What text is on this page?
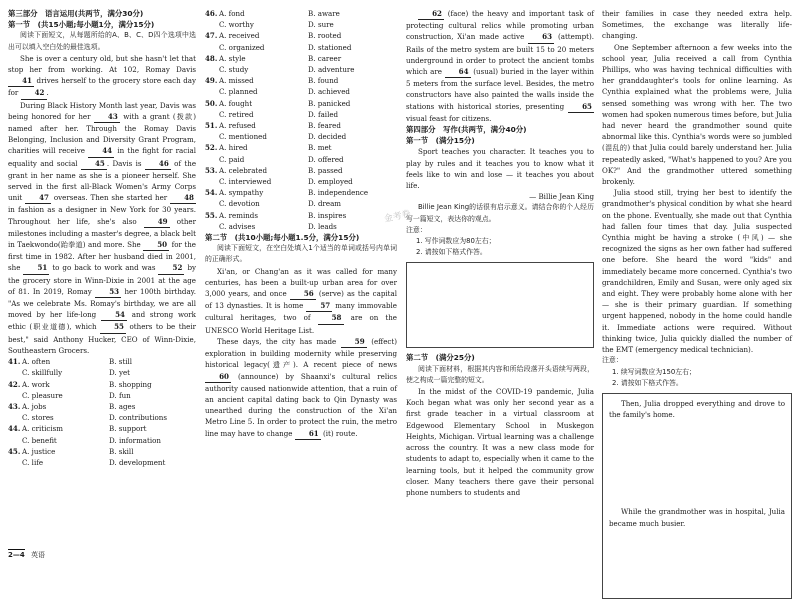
第三部分　语言运用(共两节，满分30分)
第一节　(共15小题;每小题1分，满分15分)

阅读下面短文，从每题所给的A、B、C、D四个选项中选出可以填入空白处的最佳选项。

She is over a century old, but she hasn't let that stop her from working. At 102, Romay Davis 41 drives herself to the grocery store each day for 42 .

During Black History Month last year, Davis was being honored for her 43 with a grant (拨款) named after her. Through the Romay Davis Belonging, Inclusion and Diversity Grant Program, charities will receive 44 in the fight for racial equality and social 45 . Davis is 46 of the grant in her name as she is a pioneer herself. She served in the first all-Black Women's Army Corps unit 47 overseas. Then she started her 48 in fashion as a designer in New York for 30 years. Throughout her life, she's also 49 other milestones including a master's degree, a black belt in Taekwondo(跆拳道) and more. She 50 for the first time in 1982. After her husband died in 2001, she 51 to go back to work and was 52 by the grocery store in Winn-Dixie in 2001 at the age of 81. In 2019, Romay 53 her 100th birthday. "As we celebrate Ms. Romay's birthday, we are all moved by her life-long 54 and strong work ethic (职业道德), which 55 others to be their best," said Anthony Hucker, CEO of Winn-Dixie, Southeastern Grocers.

41. A. often	B. still
C. skillfully	D. yet
42. A. work	B. shopping
C. pleasure	D. fun
43. A. jobs	B. ages
C. stores	D. contributions
44. A. criticism	B. support
C. benefit	D. information
45. A. justice	B. skill
C. life	D. development
46. A. fond	B. aware
C. worthy	D. sure
47. A. received	B. rooted
C. organized	D. stationed
48. A. style	B. career
C. study	D. adventure
49. A. missed	B. found
C. planned	D. achieved
50. A. fought	B. panicked
C. retired	D. failed
51. A. refused	B. feared
C. mentioned	D. decided
52. A. hired	B. met
C. paid	D. offered
53. A. celebrated	B. passed
C. interviewed	D. employed
54. A. sympathy	B. independence
C. devotion	D. dream
55. A. reminds	B. inspires
C. advises	D. leads
第二节　(共10小题;每小题1.5分，满分15分)

阅读下面短文，在空白处填入1个适当的单词或括号内单词的正确形式。

Xi'an, or Chang'an as it was called for many centuries, has been a built-up urban area for over 3,000 years, and once 56 (serve) as the capital of 13 dynasties. It is home 57 many immovable cultural heritages, two of 58 are on the UNESCO World Heritage List.

These days, the city has made 59 (effect) exploration in building modernity while preserving historical legacy(遗产). A recent piece of news 60 (announce) by Shaanxi's cultural relics authority caused nationwide attention, that a ruin of an ancient capital dating back to Qin Dynasty was unearthed during the construction of the Xi'an Metro Line 5. In order to protect the ruin, the metro line may have to change 61 (it) route.

62 (face) the heavy and important task of protecting cultural relics while promoting urban construction, Xi'an made active 63 (attempt). Rails of the metro system are built 15 to 20 meters underground in order to protect the ancient tombs which are 64 (usual) buried in the layer within 5 meters from the surface level. Besides, the metro constructors have also painted the walls inside the stations with historical stories, presenting 65 visual feast for citizens.

第四部分　写作(共两节，满分40分)
第一节　(满分15分)

Sport teaches you character. It teaches you to play by rules and it teaches you to know what it feels like to win and lose — it teaches you about life.

— Billie Jean King

Billie Jean King的话很有启示意义。请结合你的个人经历写一篇短文，表达你的观点。

注意：
1. 写作词数应为80左右；
2. 请按如下格式作答。
第二节　(满分25分)

阅读下面材料，根据其内容和所给段落开头语续写两段，使之构成一篇完整的短文。

In the midst of the COVID-19 pandemic, Julia Koch began what was only her second year as a first grade teacher in a virtual classroom at Edgewood Elementary School in Muskegon Heights, Michigan. Virtual learning was a challenge across the country. It was a new class mode for students to adapt to, especially when it came to the learning tools, but it helped the community grow closer. Many teachers there gave their personal phone numbers to students and

金考卷

their families in case they needed extra help. Sometimes, the exchange was literally life-changing.

One September afternoon a few weeks into the school year, Julia received a call from Cynthia Phillips, who was having technical difficulties with her granddaughter's tools for online learning. As Cynthia explained what the problems were, Julia sensed something was wrong with her. The two women had spoken numerous times before, but Julia had never heard the grandmother sound quite abnormal like this. Cynthia's words were so jumbled (混乱的) that Julia could barely understand her. Julia repeatedly asked, "What's happened to you? Are you OK?" And the grandmother uttered something brokenly.

Julia stood still, trying her best to identify the grandmother's physical condition by what she heard on the phone. Eventually, she made out that Cynthia had fallen four times that day. Julia suspected Cynthia might be having a stroke (中风) — she recognized the signs as her own father had suffered one before. She heard the word "kids" and immediately became more concerned. Cynthia's two grandchildren, Emily and Susan, were only aged six and eight. They were probably home alone with her — she is their primary guardian. If something urgent happened, nobody in the home could handle it. Immediate actions were required. Without thinking twice, Julia quickly dialled the number of the EMT (emergency medical technician).

注意：
1. 续写词数应为150左右；
2. 请按如下格式作答。

Then, Julia dropped everything and drove to the family's home.

While the grandmother was in hospital, Julia became much busier.

2—4 英语
